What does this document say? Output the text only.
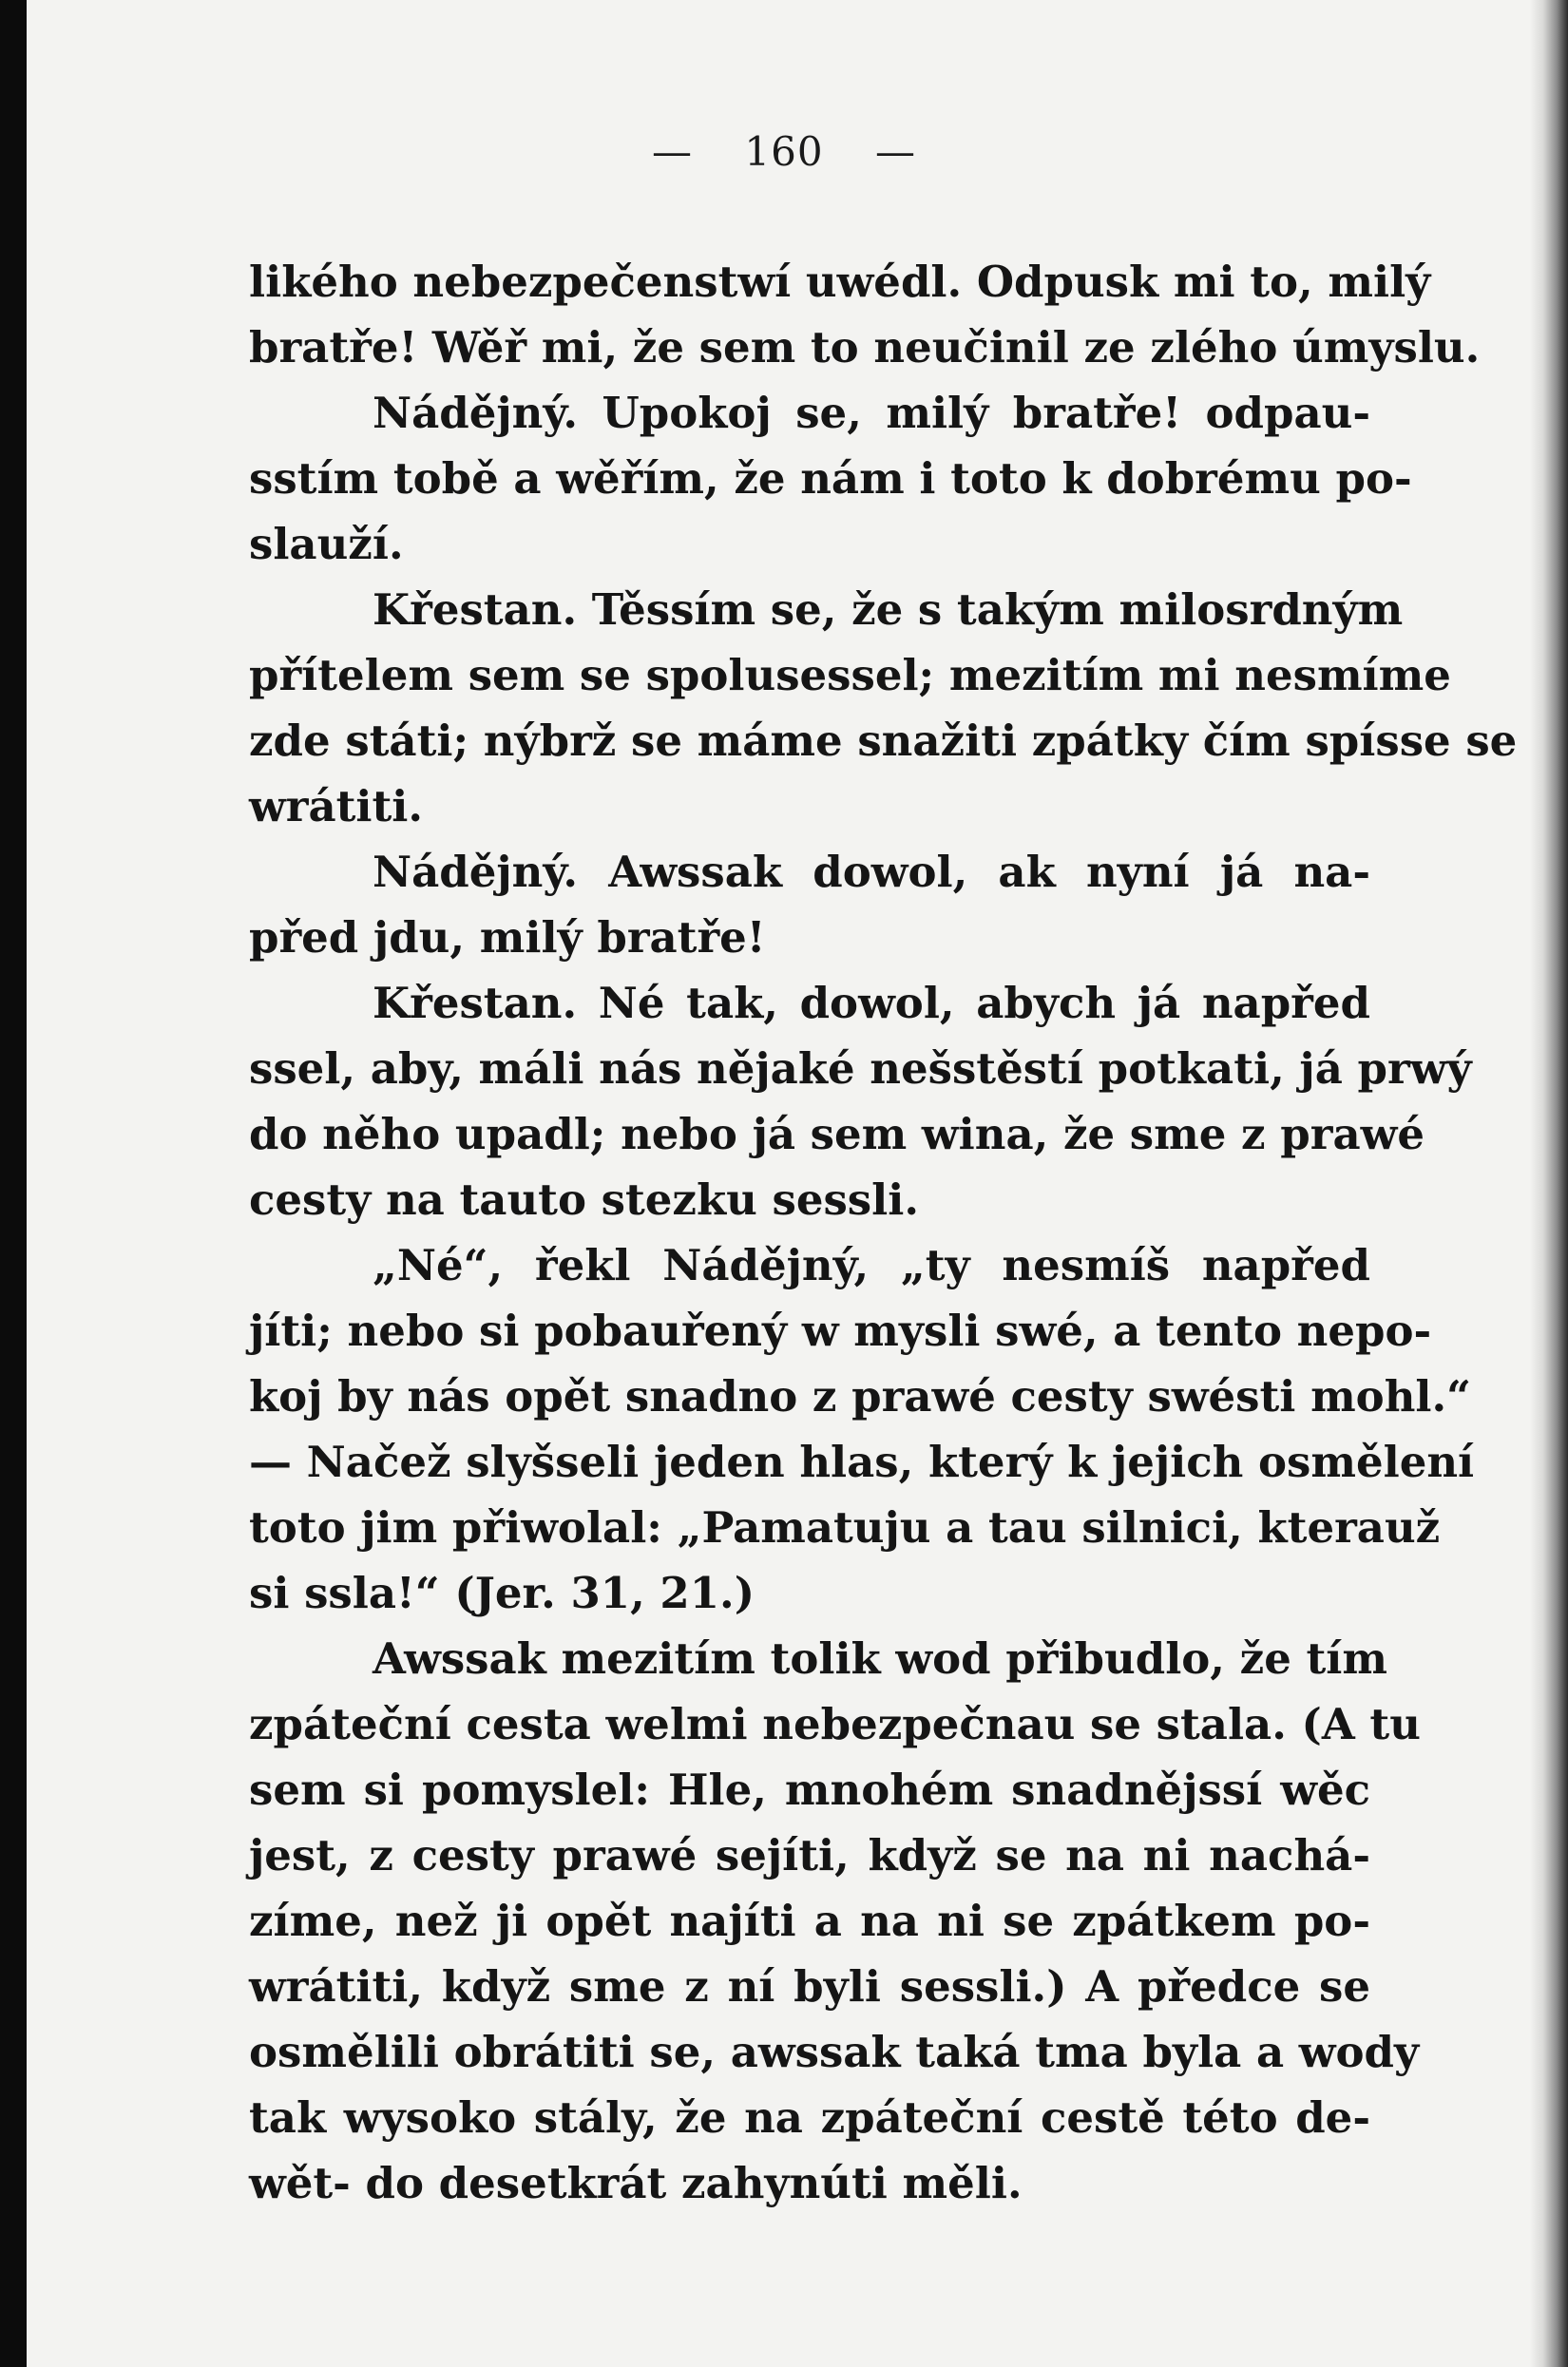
— 160 —
likého nebezpečenstwí uwédl. Odpusk mi to, milý
bratře! Wěř mi, že sem to neučinil ze zlého úmyslu.
Nádějný. Upokoj se, milý bratře! odpau-
sstím tobě a wěřím, že nám i toto k dobrému po-
slauží.
Křestan. Těssím se, že s takým milosrdným
přítelem sem se spolusessel; mezitím mi nesmíme
zde státi; nýbrž se máme snažiti zpátky čím spísse se
wrátiti.
Nádějný. Awssak dowol, ak nyní já na-
před jdu, milý bratře!
Křestan. Né tak, dowol, abych já napřed
ssel, aby, máli nás nějaké nešstěstí potkati, já prwý
do něho upadl; nebo já sem wina, že sme z prawé
cesty na tauto stezku sessli.
„Né“, řekl Nádějný, „ty nesmíš napřed
jíti; nebo si pobauřený w mysli swé, a tento nepo-
koj by nás opět snadno z prawé cesty swésti mohl.“
— Načež slyšseli jeden hlas, který k jejich osmělení
toto jim přiwolal: „Pamatuju a tau silnici, kterauž
si ssla!“ (Jer. 31, 21.)
Awssak mezitím tolik wod přibudlo, že tím
zpáteční cesta welmi nebezpečnau se stala. (A tu
sem si pomyslel: Hle, mnohém snadnějssí wěc
jest, z cesty prawé sejíti, když se na ni nachá-
zíme, než ji opět najíti a na ni se zpátkem po-
wrátiti, když sme z ní byli sessli.) A předce se
osmělili obrátiti se, awssak taká tma byla a wody
tak wysoko stály, že na zpáteční cestě této de-
wět- do desetkrát zahynúti měli.
